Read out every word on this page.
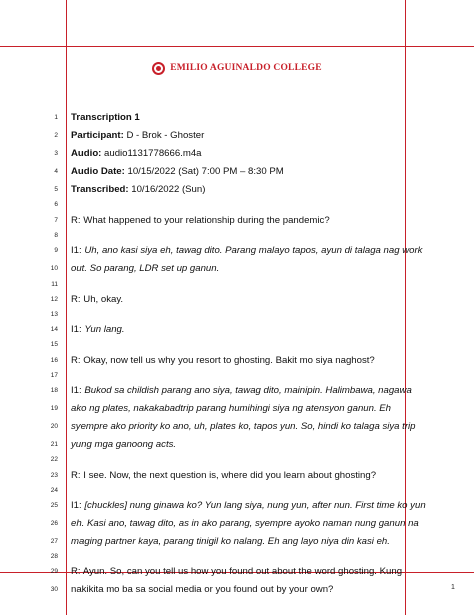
EMILIO AGUINALDO COLLEGE
1
2
3
4
5
6
7
8
9
10
11
12
13
14
15
16
17
18
19
20
21
22
23
24
25
26
27
28
29
30
Transcription 1
Participant: D - Brok - Ghoster
Audio: audio1131778666.m4a
Audio Date: 10/15/2022 (Sat) 7:00 PM – 8:30 PM
Transcribed: 10/16/2022 (Sun)
R: What happened to your relationship during the pandemic?
I1: Uh, ano kasi siya eh, tawag dito. Parang malayo tapos, ayun di talaga nag work
out. So parang, LDR set up ganun.
R: Uh, okay.
I1: Yun lang.
R: Okay, now tell us why you resort to ghosting. Bakit mo siya naghost?
I1: Bukod sa childish parang ano siya, tawag dito, mainipin. Halimbawa, nagawa
ako ng plates, nakakabadtrip parang humihingi siya ng atensyon ganun. Eh
syempre ako priority ko ano, uh, plates ko, tapos yun. So, hindi ko talaga siya trip
yung mga ganoong acts.
R: I see. Now, the next question is, where did you learn about ghosting?
I1: [chuckles] nung ginawa ko? Yun lang siya, nung yun, after nun. First time ko yun
eh. Kasi ano, tawag dito, as in ako parang, syempre ayoko naman nung ganun na
maging partner kaya, parang tinigil ko nalang. Eh ang layo niya din kasi eh.
R: Ayun. So, can you tell us how you found out about the word ghosting. Kung
nakikita mo ba sa social media or you found out by your own?	1
